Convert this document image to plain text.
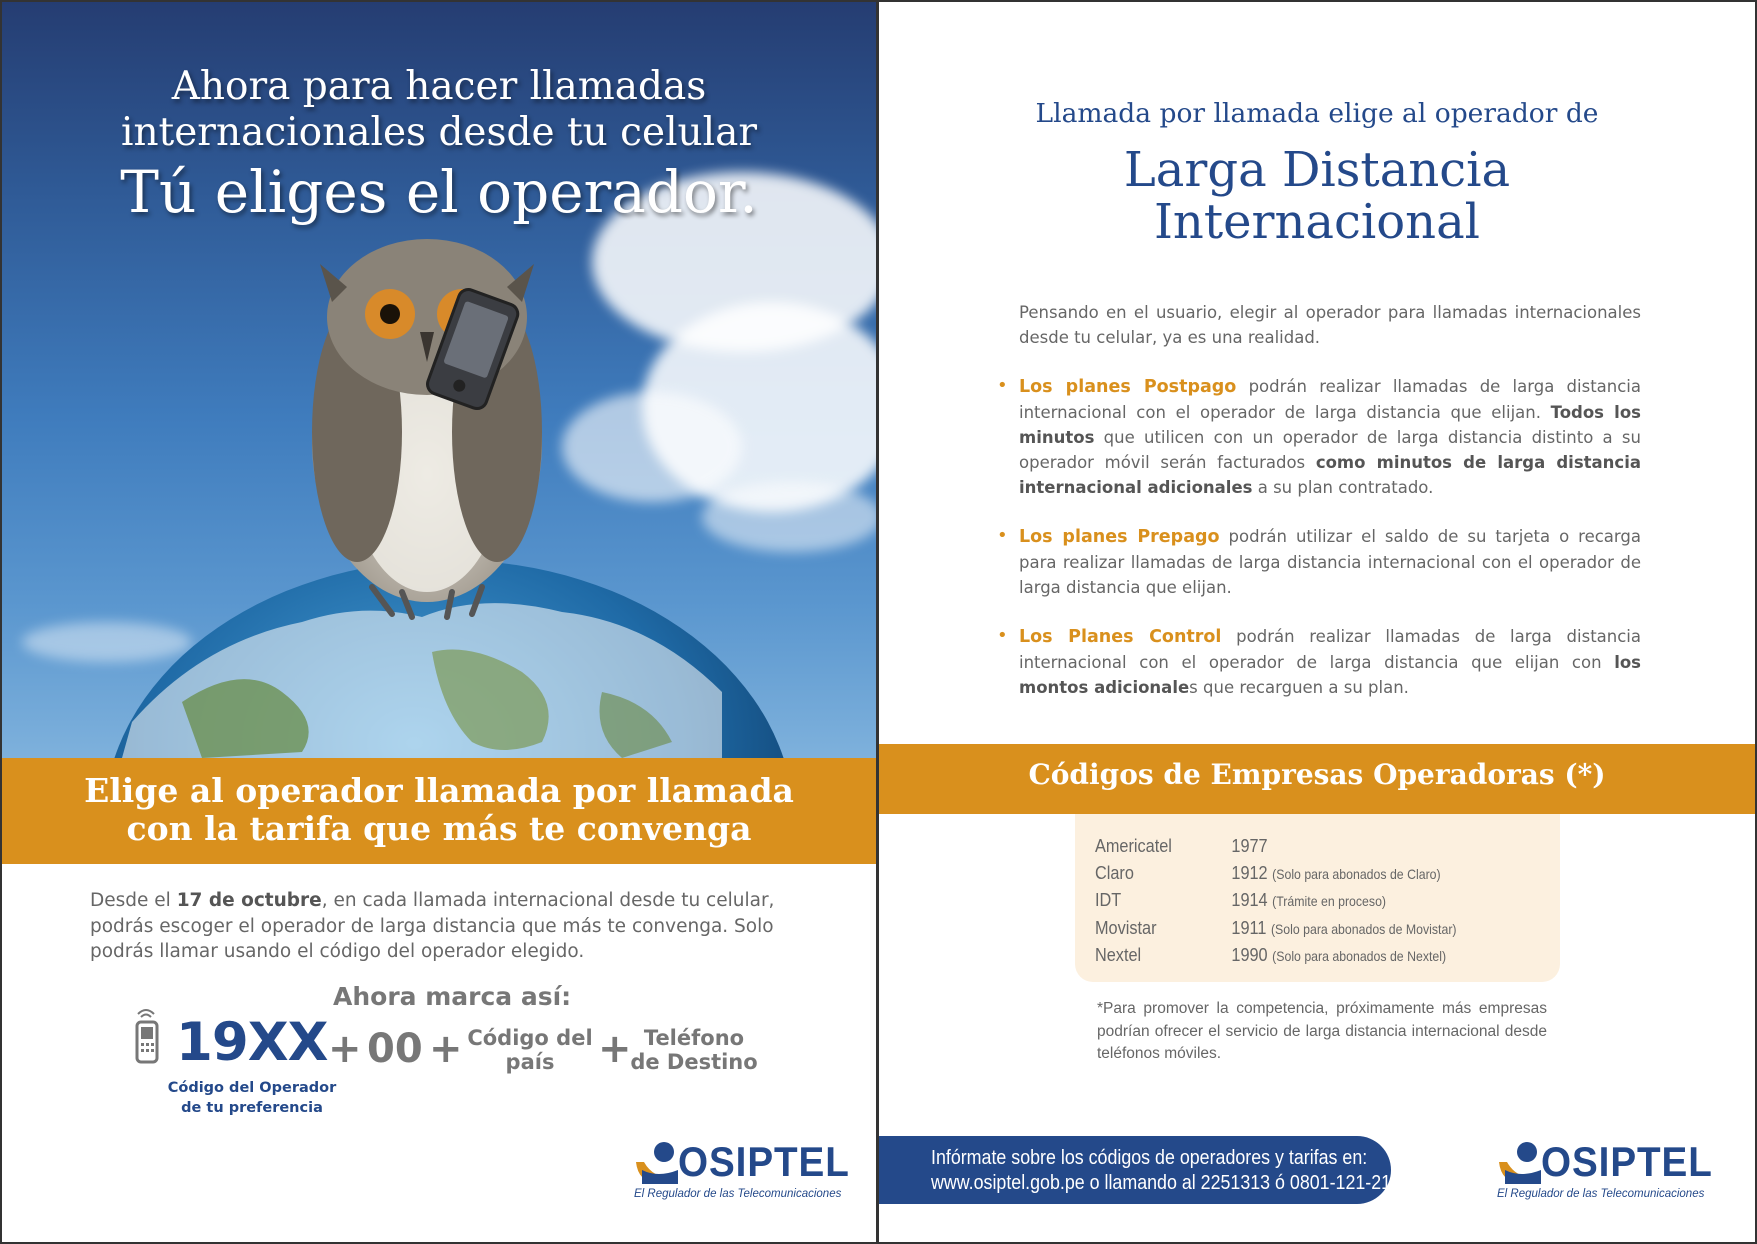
Ahora para hacer llamadas
internacionales desde tu celular
Tú eliges el operador.
Elige al operador llamada por llamada
con la tarifa que más te convenga

Desde el 17 de octubre, en cada llamada internacional desde tu celular, podrás escoger el operador de larga distancia que más te convenga. Solo podrás llamar usando el código del operador elegido.

Ahora marca así:
19XX + 00 + Código del
país	+ Teléfono
de Destino
Código del Operador
de tu preferencia
OSIPTEL
El Regulador de las Telecomunicaciones
Llamada por llamada elige al operador de
Larga Distancia
Internacional

Pensando en el usuario, elegir al operador para llamadas internacionales desde tu celular, ya es una realidad.

• Los planes Postpago podrán realizar llamadas de larga distancia internacional con el operador de larga distancia que elijan. Todos los minutos que utilicen con un operador de larga distancia distinto a su operador móvil serán facturados como minutos de larga distancia internacional adicionales a su plan contratado.

• Los planes Prepago podrán utilizar el saldo de su tarjeta o recarga para realizar llamadas de larga distancia internacional con el operador de larga distancia que elijan.

• Los Planes Control podrán realizar llamadas de larga distancia internacional con el operador de larga distancia que elijan con los montos adicionales que recarguen a su plan.

Códigos de Empresas Operadoras (*)
Americatel	1977
Claro	1912 (Solo para abonados de Claro)
IDT	1914 (Trámite en proceso)
Movistar	1911 (Solo para abonados de Movistar)
Nextel	1990 (Solo para abonados de Nextel)

*Para promover la competencia, próximamente más empresas podrían ofrecer el servicio de larga distancia internacional desde teléfonos móviles.

Infórmate sobre los códigos de operadores y tarifas en:
www.osiptel.gob.pe o llamando al 2251313 ó 0801-121-21	OSIPTEL
El Regulador de las Telecomunicaciones
